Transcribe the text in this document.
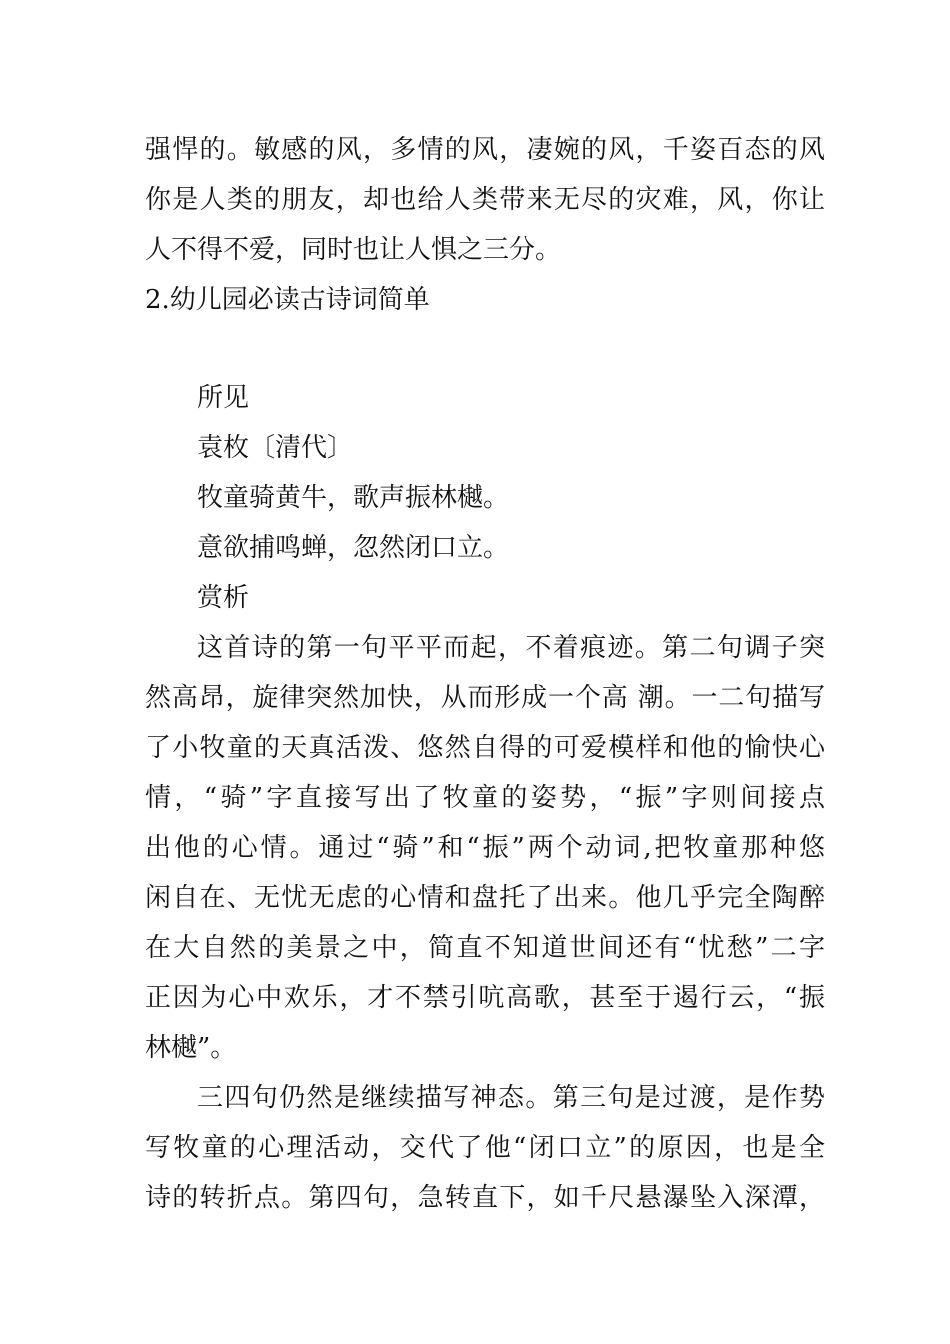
强悍的。敏感的风，多情的风，凄婉的风，千姿百态的风
你是人类的朋友，却也给人类带来无尽的灾难，风，你让
人不得不爱，同时也让人惧之三分。
2.幼儿园必读古诗词简单
所见
袁枚〔清代〕
牧童骑黄牛，歌声振林樾。
意欲捕鸣蝉，忽然闭口立。
赏析
这首诗的第一句平平而起，不着痕迹。第二句调子突
然高昂，旋律突然加快，从而形成一个高 潮。一二句描写
了小牧童的天真活泼、悠然自得的可爱模样和他的愉快心
情，“骑”字直接写出了牧童的姿势，“振”字则间接点
出他的心情。通过“骑”和“振”两个动词,把牧童那种悠
闲自在、无忧无虑的心情和盘托了出来。他几乎完全陶醉
在大自然的美景之中，简直不知道世间还有“忧愁”二字
正因为心中欢乐，才不禁引吭高歌，甚至于遏行云，“振
林樾”。
三四句仍然是继续描写神态。第三句是过渡，是作势
写牧童的心理活动，交代了他“闭口立”的原因，也是全
诗的转折点。第四句，急转直下，如千尺悬瀑坠入深潭，
